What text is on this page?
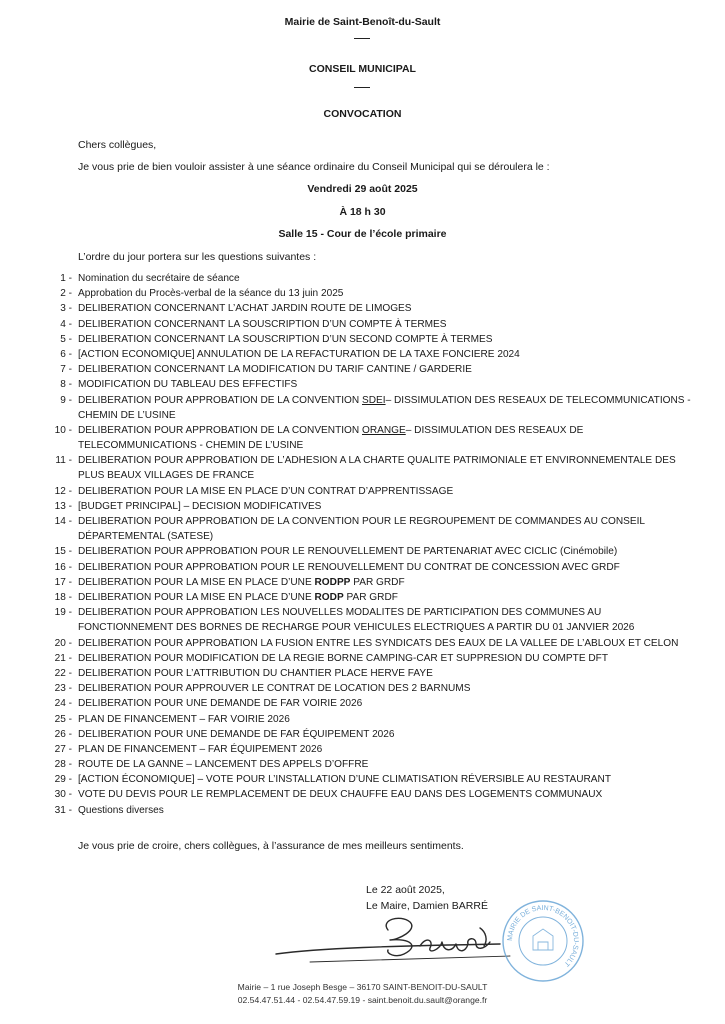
Mairie de Saint-Benoît-du-Sault
CONSEIL MUNICIPAL
CONVOCATION
Chers collègues,
Je vous prie de bien vouloir assister à une séance ordinaire du Conseil Municipal qui se déroulera le :
Vendredi 29 août 2025
À 18 h 30
Salle 15 - Cour de l’école primaire
L’ordre du jour portera sur les questions suivantes :
1 -	Nomination du secrétaire de séance
2 -	Approbation du Procès-verbal de la séance du 13 juin 2025
3 -	DELIBERATION CONCERNANT L’ACHAT JARDIN ROUTE DE LIMOGES
4 -	DELIBERATION CONCERNANT LA SOUSCRIPTION D’UN COMPTE À TERMES
5 -	DELIBERATION CONCERNANT LA SOUSCRIPTION D’UN SECOND COMPTE À TERMES
6 -	[ACTION ECONOMIQUE] ANNULATION DE LA REFACTURATION DE LA TAXE FONCIERE 2024
7 -	DELIBERATION CONCERNANT LA MODIFICATION DU TARIF CANTINE / GARDERIE
8 -	MODIFICATION DU TABLEAU DES EFFECTIFS
9 -	DELIBERATION POUR APPROBATION DE LA CONVENTION SDEI– DISSIMULATION DES RESEAUX DE TELECOMMUNICATIONS - CHEMIN DE L’USINE
10 -	DELIBERATION POUR APPROBATION DE LA CONVENTION ORANGE– DISSIMULATION DES RESEAUX DE TELECOMMUNICATIONS - CHEMIN DE L’USINE
11 -	DELIBERATION POUR APPROBATION DE L’ADHESION A LA CHARTE QUALITE PATRIMONIALE ET ENVIRONNEMENTALE DES PLUS BEAUX VILLAGES DE FRANCE
12 -	DELIBERATION POUR LA MISE EN PLACE D’UN CONTRAT D’APPRENTISSAGE
13 -	[BUDGET PRINCIPAL] – DECISION MODIFICATIVES
14 -	DELIBERATION POUR APPROBATION DE LA CONVENTION POUR LE REGROUPEMENT DE COMMANDES AU CONSEIL DÉPARTEMENTAL (SATESE)
15 -	DELIBERATION POUR APPROBATION POUR LE RENOUVELLEMENT DE PARTENARIAT AVEC CICLIC (Cinémobile)
16 -	DELIBERATION POUR APPROBATION POUR LE RENOUVELLEMENT DU CONTRAT DE CONCESSION AVEC GRDF
17 -	DELIBERATION POUR LA MISE EN PLACE D’UNE RODPP PAR GRDF
18 -	DELIBERATION POUR LA MISE EN PLACE D’UNE RODP PAR GRDF
19 -	DELIBERATION POUR APPROBATION LES NOUVELLES MODALITES DE PARTICIPATION DES COMMUNES AU FONCTIONNEMENT DES BORNES DE RECHARGE POUR VEHICULES ELECTRIQUES A PARTIR DU 01 JANVIER 2026
20 -	DELIBERATION POUR APPROBATION LA FUSION ENTRE LES SYNDICATS DES EAUX DE LA VALLEE DE L’ABLOUX ET CELON
21 -	DELIBERATION POUR MODIFICATION DE LA REGIE BORNE CAMPING-CAR ET SUPPRESION DU COMPTE DFT
22 -	DELIBERATION POUR L’ATTRIBUTION DU CHANTIER PLACE HERVE FAYE
23 -	DELIBERATION POUR APPROUVER LE CONTRAT DE LOCATION DES 2 BARNUMS
24 -	DELIBERATION POUR UNE DEMANDE DE FAR VOIRIE 2026
25 -	PLAN DE FINANCEMENT – FAR VOIRIE 2026
26 -	DELIBERATION POUR UNE DEMANDE DE FAR ÉQUIPEMENT 2026
27 -	PLAN DE FINANCEMENT – FAR ÉQUIPEMENT 2026
28 -	ROUTE DE LA GANNE – LANCEMENT DES APPELS D’OFFRE
29 -	[ACTION ÉCONOMIQUE] – VOTE POUR L’INSTALLATION D’UNE CLIMATISATION RÉVERSIBLE AU RESTAURANT
30 -	VOTE DU DEVIS POUR LE REMPLACEMENT DE DEUX CHAUFFE EAU DANS DES LOGEMENTS COMMUNAUX
31 -	Questions diverses
Je vous prie de croire, chers collègues, à l’assurance de mes meilleurs sentiments.
Le 22 août 2025,
Le Maire, Damien BARRÉ
MAIRIE DE SAINT-BENOIT-DU-SAULT
Mairie – 1 rue Joseph Besge – 36170 SAINT-BENOIT-DU-SAULT
02.54.47.51.44 - 02.54.47.59.19 - saint.benoit.du.sault@orange.fr
